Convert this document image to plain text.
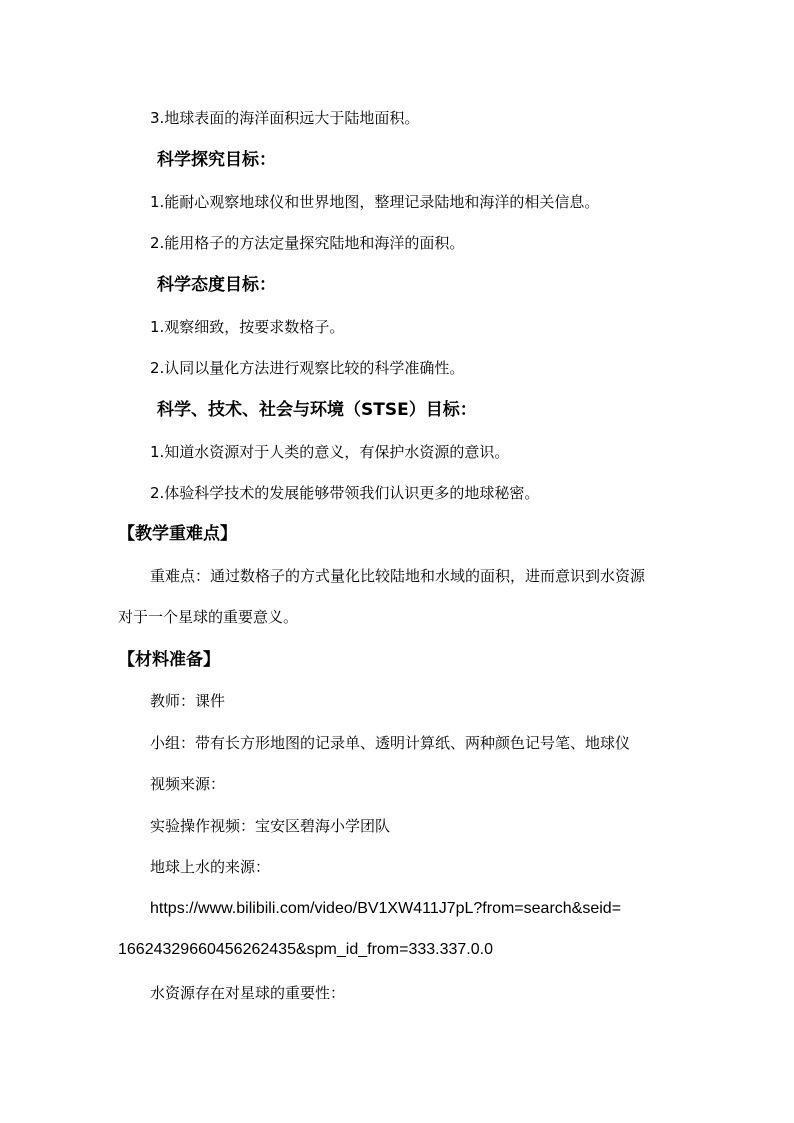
3.地球表面的海洋面积远大于陆地面积。
科学探究目标：
1.能耐心观察地球仪和世界地图，整理记录陆地和海洋的相关信息。
2.能用格子的方法定量探究陆地和海洋的面积。
科学态度目标：
1.观察细致，按要求数格子。
2.认同以量化方法进行观察比较的科学准确性。
科学、技术、社会与环境（STSE）目标：
1.知道水资源对于人类的意义，有保护水资源的意识。
2.体验科学技术的发展能够带领我们认识更多的地球秘密。
【教学重难点】
重难点：通过数格子的方式量化比较陆地和水域的面积，进而意识到水资源
对于一个星球的重要意义。
【材料准备】
教师：课件
小组：带有长方形地图的记录单、透明计算纸、两种颜色记号笔、地球仪
视频来源：
实验操作视频：宝安区碧海小学团队
地球上水的来源：
https://www.bilibili.com/video/BV1XW411J7pL?from=search&seid=
16624329660456262435&spm_id_from=333.337.0.0
水资源存在对星球的重要性：
